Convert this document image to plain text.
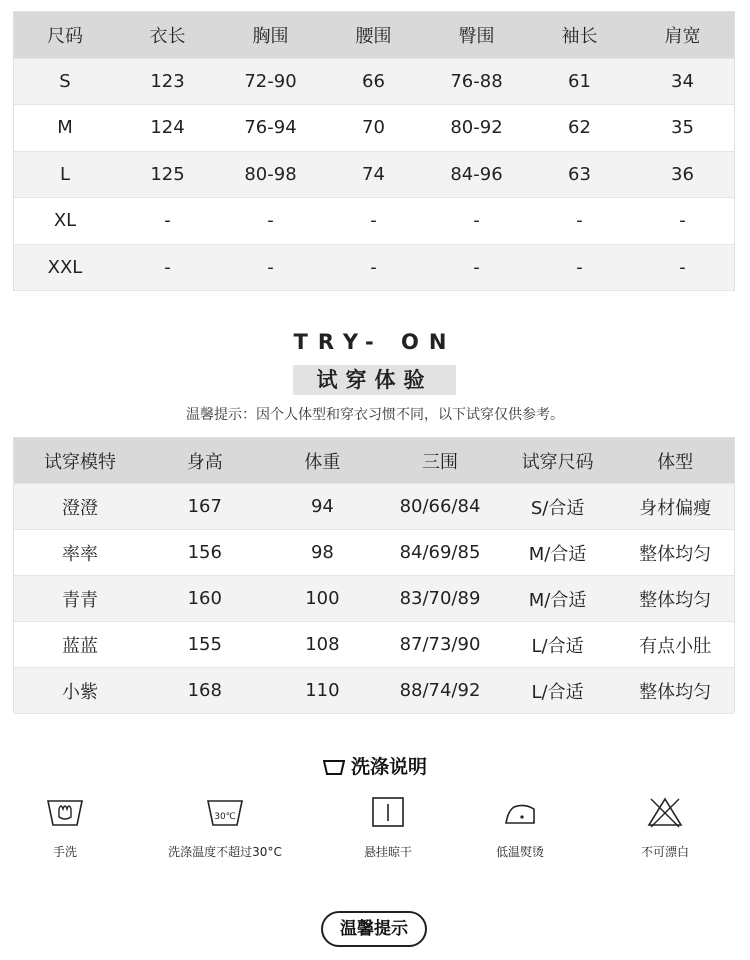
尺码	衣长	胸围	腰围	臀围	袖长	肩宽
S	123	72-90	66	76-88	61	34
M	124	76-94	70	80-92	62	35
L	125	80-98	74	84-96	63	36
XL	-	-	-	-	-	-
XXL	-	-	-	-	-	-
TRY- ON
试穿体验
温馨提示：因个人体型和穿衣习惯不同，以下试穿仅供参考。
试穿模特	身高	体重	三围	试穿尺码	体型
澄澄	167	94	80/66/84	S/合适	身材偏瘦
率率	156	98	84/69/85	M/合适	整体均匀
青青	160	100	83/70/89	M/合适	整体均匀
蓝蓝	155	108	87/73/90	L/合适	有点小肚
小紫	168	110	88/74/92	L/合适	整体均匀
洗涤说明
手洗
30℃
洗涤温度不超过30°C	悬挂晾干	低温熨烫	不可漂白
温馨提示
